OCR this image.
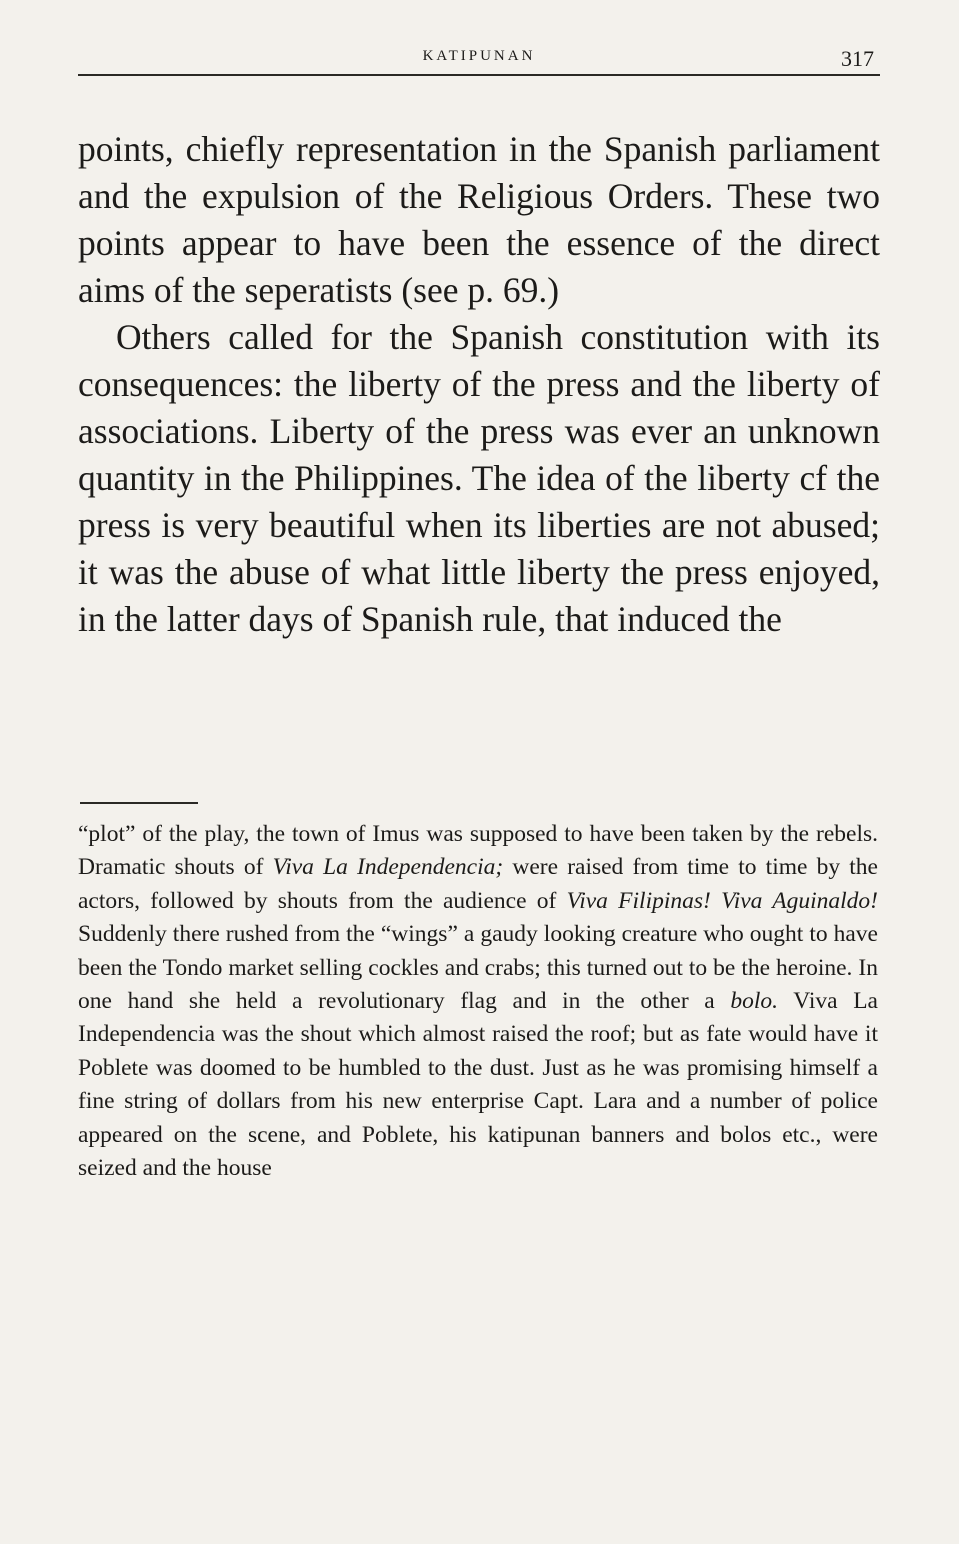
KATIPUNAN	317

points, chiefly representation in the Spanish parliament and the expulsion of the Religious Orders. These two points appear to have been the essence of the direct aims of the seperatists (see p. 69.)

Others called for the Spanish constitution with its consequences: the liberty of the press and the liberty of associations. Liberty of the press was ever an unknown quantity in the Philippines. The idea of the liberty cf the press is very beautiful when its liberties are not abused; it was the abuse of what little liberty the press enjoyed, in the latter days of Spanish rule, that induced the

“plot” of the play, the town of Imus was supposed to have been taken by the rebels. Dramatic shouts of Viva La Independencia; were raised from time to time by the actors, followed by shouts from the audience of Viva Filipinas! Viva Aguinaldo! Suddenly there rushed from the “wings” a gaudy looking creature who ought to have been the Tondo market selling cockles and crabs; this turned out to be the heroine. In one hand she held a revolutionary flag and in the other a bolo. Viva La Independencia was the shout which almost raised the roof; but as fate would have it Poblete was doomed to be humbled to the dust. Just as he was promising himself a fine string of dollars from his new enterprise Capt. Lara and a number of police appeared on the scene, and Poblete, his katipunan banners and bolos etc., were seized and the house
